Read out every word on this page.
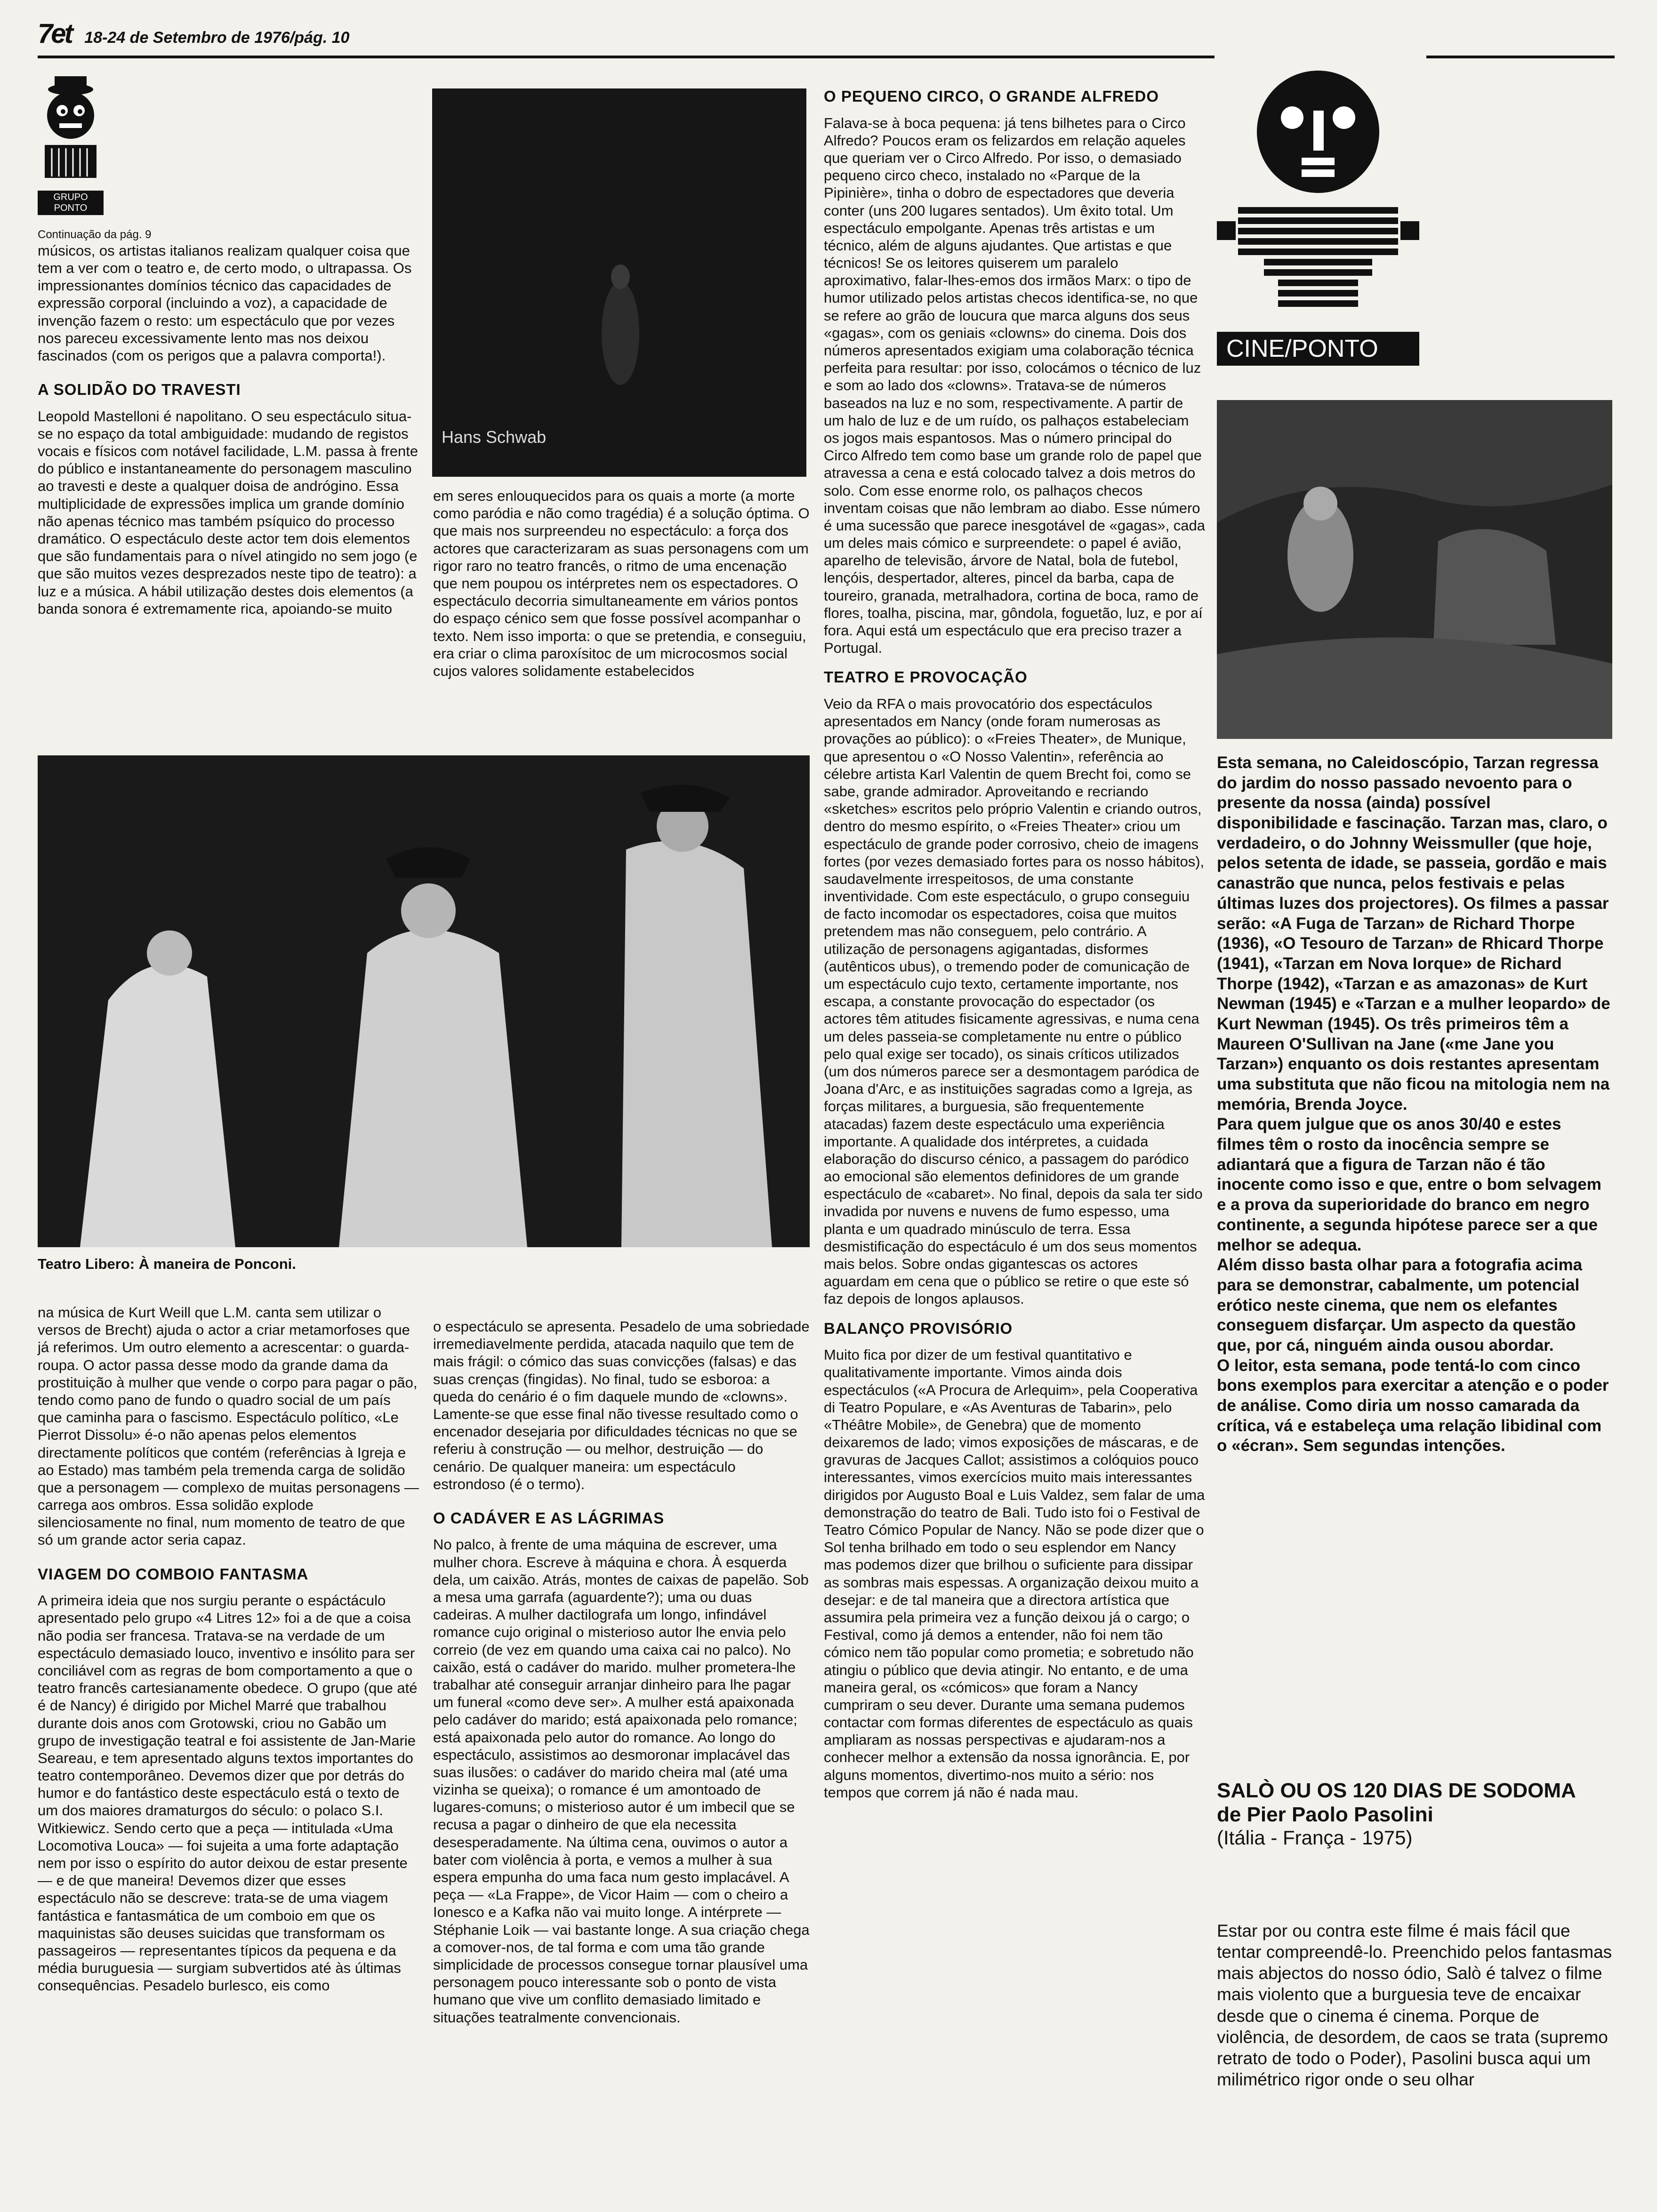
7et 18-24 de Setembro de 1976/pág. 10
GRUPO PONTO

Continuação da pág. 9

músicos, os artistas italianos realizam qualquer coisa que tem a ver com o teatro e, de certo modo, o ultrapassa. Os impressionantes domínios técnico das capacidades de expressão corporal (incluindo a voz), a capacidade de invenção fazem o resto: um espectáculo que por vezes nos pareceu excessivamente lento mas nos deixou fascinados (com os perigos que a palavra comporta!).

A SOLIDÃO DO TRAVESTI

Leopold Mastelloni é napolitano. O seu espectáculo situa-se no espaço da total ambiguidade: mudando de registos vocais e físicos com notável facilidade, L.M. passa à frente do público e instantaneamente do personagem masculino ao travesti e deste a qualquer doisa de andrógino. Essa multiplicidade de expressões implica um grande domínio não apenas técnico mas também psíquico do processo dramático. O espectáculo deste actor tem dois elementos que são fundamentais para o nível atingido no sem jogo (e que são muitos vezes desprezados neste tipo de teatro): a luz e a música. A hábil utilização destes dois elementos (a banda sonora é extremamente rica, apoiando-se muito

Hans Schwab

em seres enlouquecidos para os quais a morte (a morte como paródia e não como tragédia) é a solução óptima. O que mais nos surpreendeu no espectáculo: a força dos actores que caracterizaram as suas personagens com um rigor raro no teatro francês, o ritmo de uma encenação que nem poupou os intérpretes nem os espectadores. O espectáculo decorria simultaneamente em vários pontos do espaço cénico sem que fosse possível acompanhar o texto. Nem isso importa: o que se pretendia, e conseguiu, era criar o clima paroxísitoc de um microcosmos social cujos valores solidamente estabelecidos

Teatro Libero: À maneira de Ponconi.

na música de Kurt Weill que L.M. canta sem utilizar o versos de Brecht) ajuda o actor a criar metamorfoses que já referimos. Um outro elemento a acrescentar: o guarda-roupa. O actor passa desse modo da grande dama da prostituição à mulher que vende o corpo para pagar o pão, tendo como pano de fundo o quadro social de um país que caminha para o fascismo. Espectáculo político, «Le Pierrot Dissolu» é-o não apenas pelos elementos directamente políticos que contém (referências à Igreja e ao Estado) mas também pela tremenda carga de solidão que a personagem — complexo de muitas personagens — carrega aos ombros. Essa solidão explode silenciosamente no final, num momento de teatro de que só um grande actor seria capaz.

VIAGEM DO COMBOIO FANTASMA

A primeira ideia que nos surgiu perante o espáctáculo apresentado pelo grupo «4 Litres 12» foi a de que a coisa não podia ser francesa. Tratava-se na verdade de um espectáculo demasiado louco, inventivo e insólito para ser conciliável com as regras de bom comportamento a que o teatro francês cartesianamente obedece. O grupo (que até é de Nancy) é dirigido por Michel Marré que trabalhou durante dois anos com Grotowski, criou no Gabão um grupo de investigação teatral e foi assistente de Jan-Marie Seareau, e tem apresentado alguns textos importantes do teatro contemporâneo. Devemos dizer que por detrás do humor e do fantástico deste espectáculo está o texto de um dos maiores dramaturgos do século: o polaco S.I. Witkiewicz. Sendo certo que a peça — intitulada «Uma Locomotiva Louca» — foi sujeita a uma forte adaptação nem por isso o espírito do autor deixou de estar presente — e de que maneira! Devemos dizer que esses espectáculo não se descreve: trata-se de uma viagem fantástica e fantasmática de um comboio em que os maquinistas são deuses suicidas que transformam os passageiros — representantes típicos da pequena e da média buruguesia — surgiam subvertidos até às últimas consequências. Pesadelo burlesco, eis como

o espectáculo se apresenta. Pesadelo de uma sobriedade irremediavelmente perdida, atacada naquilo que tem de mais frágil: o cómico das suas convicções (falsas) e das suas crenças (fingidas). No final, tudo se esboroa: a queda do cenário é o fim daquele mundo de «clowns». Lamente-se que esse final não tivesse resultado como o encenador desejaria por dificuldades técnicas no que se referiu à construção — ou melhor, destruição — do cenário. De qualquer maneira: um espectáculo estrondoso (é o termo).

O CADÁVER E AS LÁGRIMAS

No palco, à frente de uma máquina de escrever, uma mulher chora. Escreve à máquina e chora. À esquerda dela, um caixão. Atrás, montes de caixas de papelão. Sob a mesa uma garrafa (aguardente?); uma ou duas cadeiras. A mulher dactilografa um longo, infindável romance cujo original o misterioso autor lhe envia pelo correio (de vez em quando uma caixa cai no palco). No caixão, está o cadáver do marido. mulher prometera-lhe trabalhar até conseguir arranjar dinheiro para lhe pagar um funeral «como deve ser». A mulher está apaixonada pelo cadáver do marido; está apaixonada pelo romance; está apaixonada pelo autor do romance. Ao longo do espectáculo, assistimos ao desmoronar implacável das suas ilusões: o cadáver do marido cheira mal (até uma vizinha se queixa); o romance é um amontoado de lugares-comuns; o misterioso autor é um imbecil que se recusa a pagar o dinheiro de que ela necessita desesperadamente. Na última cena, ouvimos o autor a bater com violência à porta, e vemos a mulher à sua espera empunha do uma faca num gesto implacável. A peça — «La Frappe», de Vicor Haim — com o cheiro a Ionesco e a Kafka não vai muito longe. A intérprete — Stéphanie Loik — vai bastante longe. A sua criação chega a comover-nos, de tal forma e com uma tão grande simplicidade de processos consegue tornar plausível uma personagem pouco interessante sob o ponto de vista humano que vive um conflito demasiado limitado e situações teatralmente convencionais.

O PEQUENO CIRCO, O GRANDE ALFREDO

Falava-se à boca pequena: já tens bilhetes para o Circo Alfredo? Poucos eram os felizardos em relação aqueles que queriam ver o Circo Alfredo. Por isso, o demasiado pequeno circo checo, instalado no «Parque de la Pipinière», tinha o dobro de espectadores que deveria conter (uns 200 lugares sentados). Um êxito total. Um espectáculo empolgante. Apenas três artistas e um técnico, além de alguns ajudantes. Que artistas e que técnicos! Se os leitores quiserem um paralelo aproximativo, falar-lhes-emos dos irmãos Marx: o tipo de humor utilizado pelos artistas checos identifica-se, no que se refere ao grão de loucura que marca alguns dos seus «gagas», com os geniais «clowns» do cinema. Dois dos números apresentados exigiam uma colaboração técnica perfeita para resultar: por isso, colocámos o técnico de luz e som ao lado dos «clowns». Tratava-se de números baseados na luz e no som, respectivamente. A partir de um halo de luz e de um ruído, os palhaços estabeleciam os jogos mais espantosos. Mas o número principal do Circo Alfredo tem como base um grande rolo de papel que atravessa a cena e está colocado talvez a dois metros do solo. Com esse enorme rolo, os palhaços checos inventam coisas que não lembram ao diabo. Esse número é uma sucessão que parece inesgotável de «gagas», cada um deles mais cómico e surpreendete: o papel é avião, aparelho de televisão, árvore de Natal, bola de futebol, lençóis, despertador, alteres, pincel da barba, capa de toureiro, granada, metralhadora, cortina de boca, ramo de flores, toalha, piscina, mar, gôndola, foguetão, luz, e por aí fora. Aqui está um espectáculo que era preciso trazer a Portugal.

TEATRO E PROVOCAÇÃO

Veio da RFA o mais provocatório dos espectáculos apresentados em Nancy (onde foram numerosas as provações ao público): o «Freies Theater», de Munique, que apresentou o «O Nosso Valentin», referência ao célebre artista Karl Valentin de quem Brecht foi, como se sabe, grande admirador. Aproveitando e recriando «sketches» escritos pelo próprio Valentin e criando outros, dentro do mesmo espírito, o «Freies Theater» criou um espectáculo de grande poder corrosivo, cheio de imagens fortes (por vezes demasiado fortes para os nosso hábitos), saudavelmente irrespeitosos, de uma constante inventividade. Com este espectáculo, o grupo conseguiu de facto incomodar os espectadores, coisa que muitos pretendem mas não conseguem, pelo contrário. A utilização de personagens agigantadas, disformes (autênticos ubus), o tremendo poder de comunicação de um espectáculo cujo texto, certamente importante, nos escapa, a constante provocação do espectador (os actores têm atitudes fisicamente agressivas, e numa cena um deles passeia-se completamente nu entre o público pelo qual exige ser tocado), os sinais críticos utilizados (um dos números parece ser a desmontagem paródica de Joana d'Arc, e as instituições sagradas como a Igreja, as forças militares, a burguesia, são frequentemente atacadas) fazem deste espectáculo uma experiência importante. A qualidade dos intérpretes, a cuidada elaboração do discurso cénico, a passagem do paródico ao emocional são elementos definidores de um grande espectáculo de «cabaret». No final, depois da sala ter sido invadida por nuvens e nuvens de fumo espesso, uma planta e um quadrado minúsculo de terra. Essa desmistificação do espectáculo é um dos seus momentos mais belos. Sobre ondas gigantescas os actores aguardam em cena que o público se retire o que este só faz depois de longos aplausos.

BALANÇO PROVISÓRIO

Muito fica por dizer de um festival quantitativo e qualitativamente importante. Vimos ainda dois espectáculos («A Procura de Arlequim», pela Cooperativa di Teatro Populare, e «As Aventuras de Tabarin», pelo «Théâtre Mobile», de Genebra) que de momento deixaremos de lado; vimos exposições de máscaras, e de gravuras de Jacques Callot; assistimos a colóquios pouco interessantes, vimos exercícios muito mais interessantes dirigidos por Augusto Boal e Luis Valdez, sem falar de uma demonstração do teatro de Bali. Tudo isto foi o Festival de Teatro Cómico Popular de Nancy. Não se pode dizer que o Sol tenha brilhado em todo o seu esplendor em Nancy mas podemos dizer que brilhou o suficiente para dissipar as sombras mais espessas. A organização deixou muito a desejar: e de tal maneira que a directora artística que assumira pela primeira vez a função deixou já o cargo; o Festival, como já demos a entender, não foi nem tão cómico nem tão popular como prometia; e sobretudo não atingiu o público que devia atingir. No entanto, e de uma maneira geral, os «cómicos» que foram a Nancy cumpriram o seu dever. Durante uma semana pudemos contactar com formas diferentes de espectáculo as quais ampliaram as nossas perspectivas e ajudaram-nos a conhecer melhor a extensão da nossa ignorância. E, por alguns momentos, divertimo-nos muito a sério: nos tempos que correm já não é nada mau.

CINE/PONTO

Esta semana, no Caleidoscópio, Tarzan regressa do jardim do nosso passado nevoento para o presente da nossa (ainda) possível disponibilidade e fascinação. Tarzan mas, claro, o verdadeiro, o do Johnny Weissmuller (que hoje, pelos setenta de idade, se passeia, gordão e mais canastrão que nunca, pelos festivais e pelas últimas luzes dos projectores). Os filmes a passar serão: «A Fuga de Tarzan» de Richard Thorpe (1936), «O Tesouro de Tarzan» de Rhicard Thorpe (1941), «Tarzan em Nova Iorque» de Richard Thorpe (1942), «Tarzan e as amazonas» de Kurt Newman (1945) e «Tarzan e a mulher leopardo» de Kurt Newman (1945). Os três primeiros têm a Maureen O'Sullivan na Jane («me Jane you Tarzan») enquanto os dois restantes apresentam uma substituta que não ficou na mitologia nem na memória, Brenda Joyce.

Para quem julgue que os anos 30/40 e estes filmes têm o rosto da inocência sempre se adiantará que a figura de Tarzan não é tão inocente como isso e que, entre o bom selvagem e a prova da superioridade do branco em negro continente, a segunda hipótese parece ser a que melhor se adequa.

Além disso basta olhar para a fotografia acima para se demonstrar, cabalmente, um potencial erótico neste cinema, que nem os elefantes conseguem disfarçar. Um aspecto da questão que, por cá, ninguém ainda ousou abordar.

O leitor, esta semana, pode tentá-lo com cinco bons exemplos para exercitar a atenção e o poder de análise. Como diria um nosso camarada da crítica, vá e estabeleça uma relação libidinal com o «écran». Sem segundas intenções.

SALÒ OU OS 120 DIAS DE SODOMA
de Pier Paolo Pasolini
(Itália - França - 1975)
Estar por ou contra este filme é mais fácil que tentar compreendê-lo. Preenchido pelos fantasmas mais abjectos do nosso ódio, Salò é talvez o filme mais violento que a burguesia teve de encaixar desde que o cinema é cinema. Porque de violência, de desordem, de caos se trata (supremo retrato de todo o Poder), Pasolini busca aqui um milimétrico rigor onde o seu olhar
